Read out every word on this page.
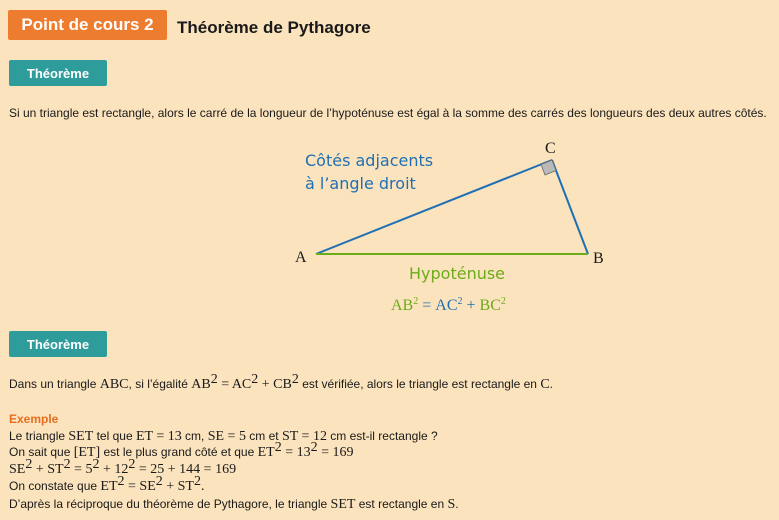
Point de cours 2	Théorème de Pythagore
Théorème
Si un triangle est rectangle, alors le carré de la longueur de l’hypoténuse est égal à la somme des carrés des longueurs des deux autres côtés.
A	B
C
Côtés adjacents
à l’angle droit
Hypoténuse
$AB^2 = AC^2 + BC^2$
Théorème
Dans un triangle ABC, si l’égalité $AB^2 = AC^2 + CB^2$ est vérifiée, alors le triangle est rectangle en C.
Exemple
Le triangle SET tel que ET = 13 cm, SE = 5 cm et ST = 12 cm est-il rectangle ?
On sait que [ET] est le plus grand côté et que $ET^2 = 13^2 = 169$
$SE^2 + ST^2 = 5^2 + 12^2 = 25 + 144 = 169$
On constate que $ET^2 = SE^2 + ST^2$.
D’après la réciproque du théorème de Pythagore, le triangle SET est rectangle en S.
